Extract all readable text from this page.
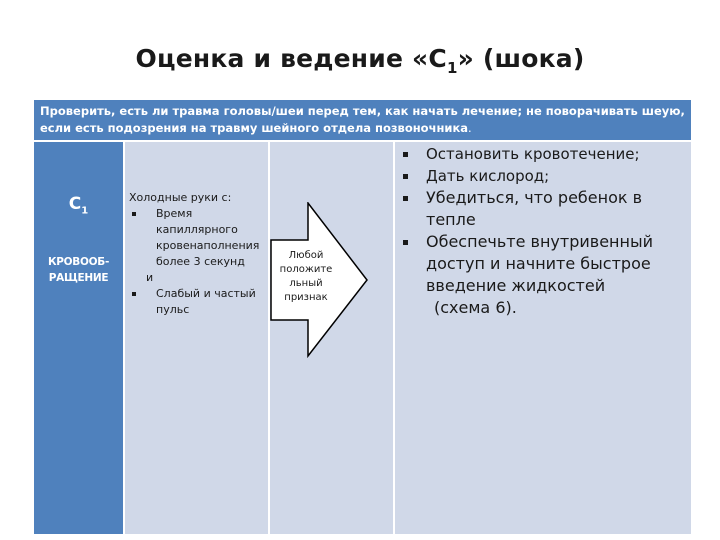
Оценка и ведение «$С_1$» (шока)
Проверить, есть ли травма головы/шеи перед тем, как начать лечение; не поворачивать шеую, если есть подозрения на травму шейного отдела позвоночника.
$С_1$
КРОВООБ-
РАЩЕНИЕ
Холодные руки с:
Время капиллярного кровенаполнения более 3 секунд
и
Слабый и частый пульс
Любой
положите
льный
признак
Остановить кровотечение;
Дать кислород;
Убедиться, что ребенок в тепле
Обеспечьте внутривенный доступ и начните быстрое введение жидкостей
(схема 6).
